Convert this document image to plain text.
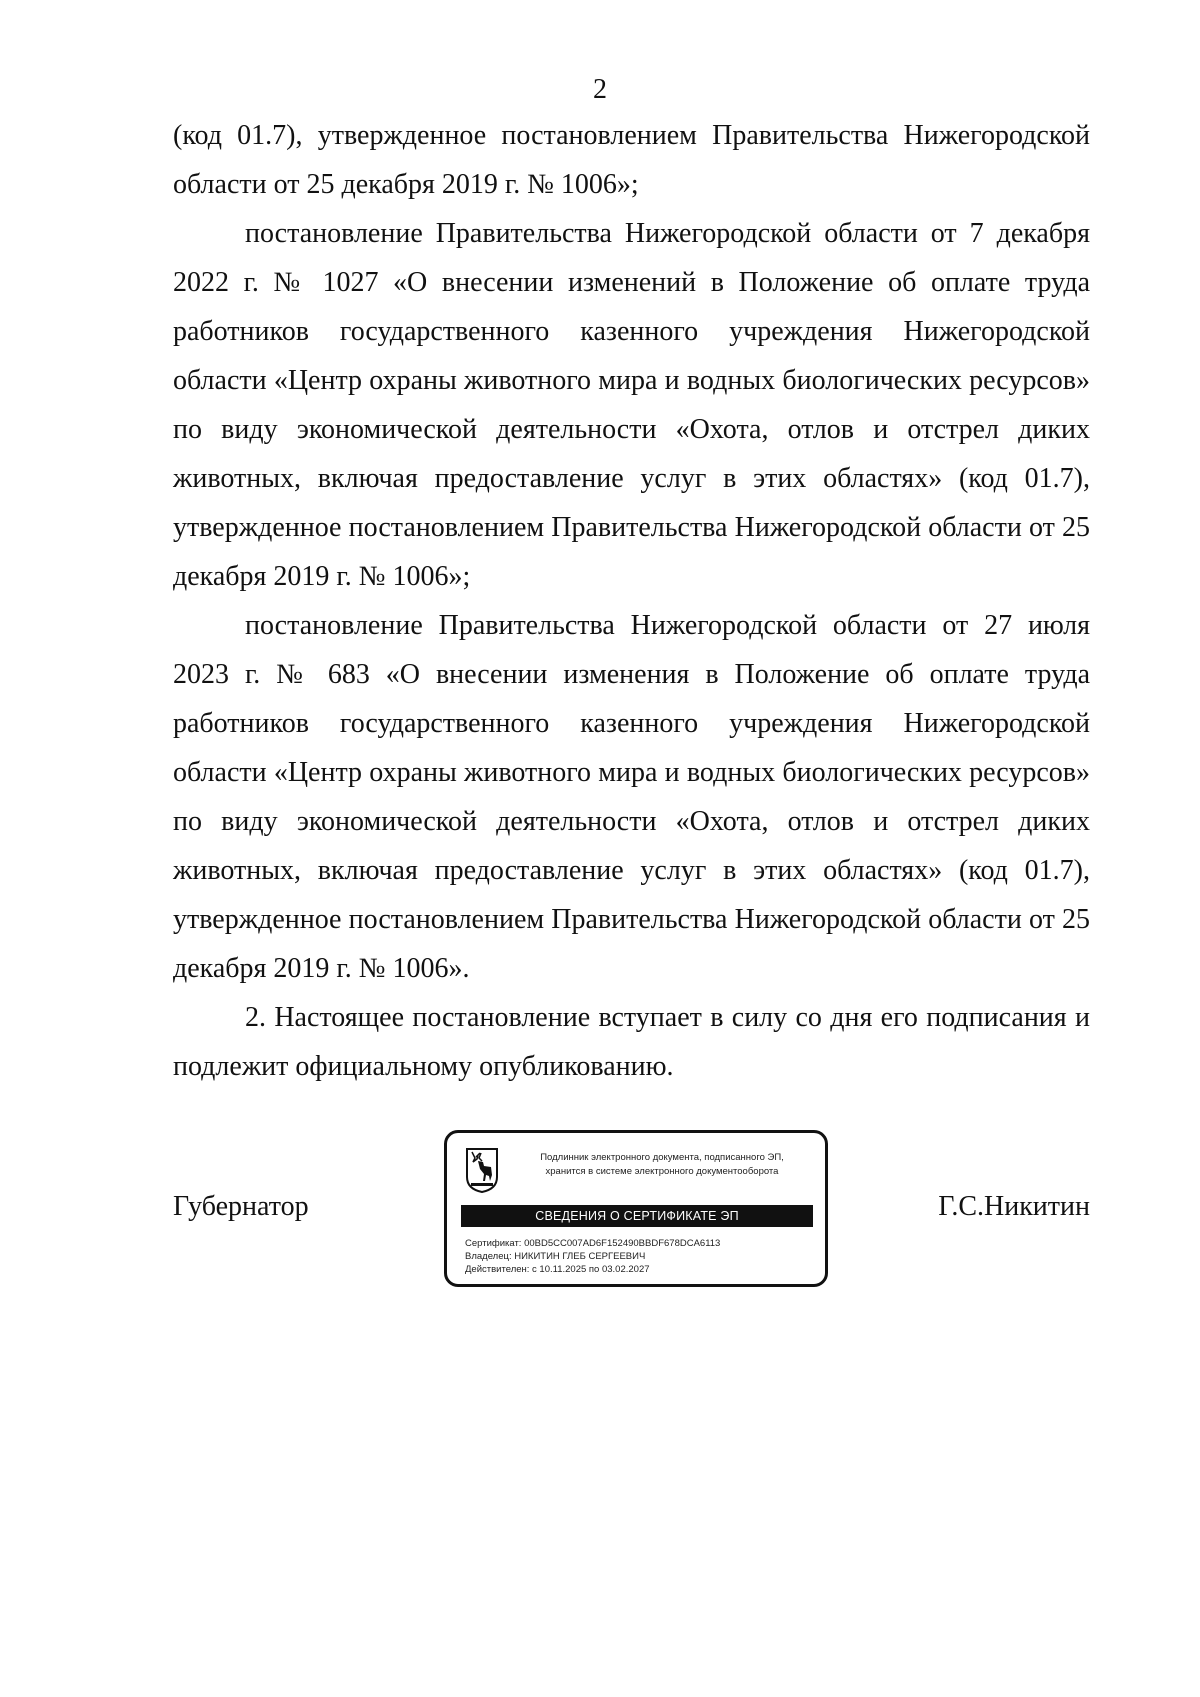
2

(код 01.7), утвержденное постановлением Правительства Нижегородской области от 25 декабря 2019 г. № 1006»;

постановление Правительства Нижегородской области от 7 декабря 2022 г. № 1027 «О внесении изменений в Положение об оплате труда работников государственного казенного учреждения Нижегородской области «Центр охраны животного мира и водных биологических ресурсов» по виду экономической деятельности «Охота, отлов и отстрел диких животных, включая предоставление услуг в этих областях» (код 01.7), утвержденное постановлением Правительства Нижегородской области от 25 декабря 2019 г. № 1006»;

постановление Правительства Нижегородской области от 27 июля 2023 г. № 683 «О внесении изменения в Положение об оплате труда работников государственного казенного учреждения Нижегородской области «Центр охраны животного мира и водных биологических ресурсов» по виду экономической деятельности «Охота, отлов и отстрел диких животных, включая предоставление услуг в этих областях» (код 01.7), утвержденное постановлением Правительства Нижегородской области от 25 декабря 2019 г. № 1006».

2. Настоящее постановление вступает в силу со дня его подписания и подлежит официальному опубликованию.

Губернатор	Г.С.Никитин
Подлинник электронного документа, подписанного ЭП,
хранится в системе электронного документооборота
СВЕДЕНИЯ О СЕРТИФИКАТЕ ЭП
Сертификат: 00BD5CC007AD6F152490BBDF678DCA6113
Владелец: НИКИТИН ГЛЕБ СЕРГЕЕВИЧ
Действителен: с 10.11.2025 по 03.02.2027
